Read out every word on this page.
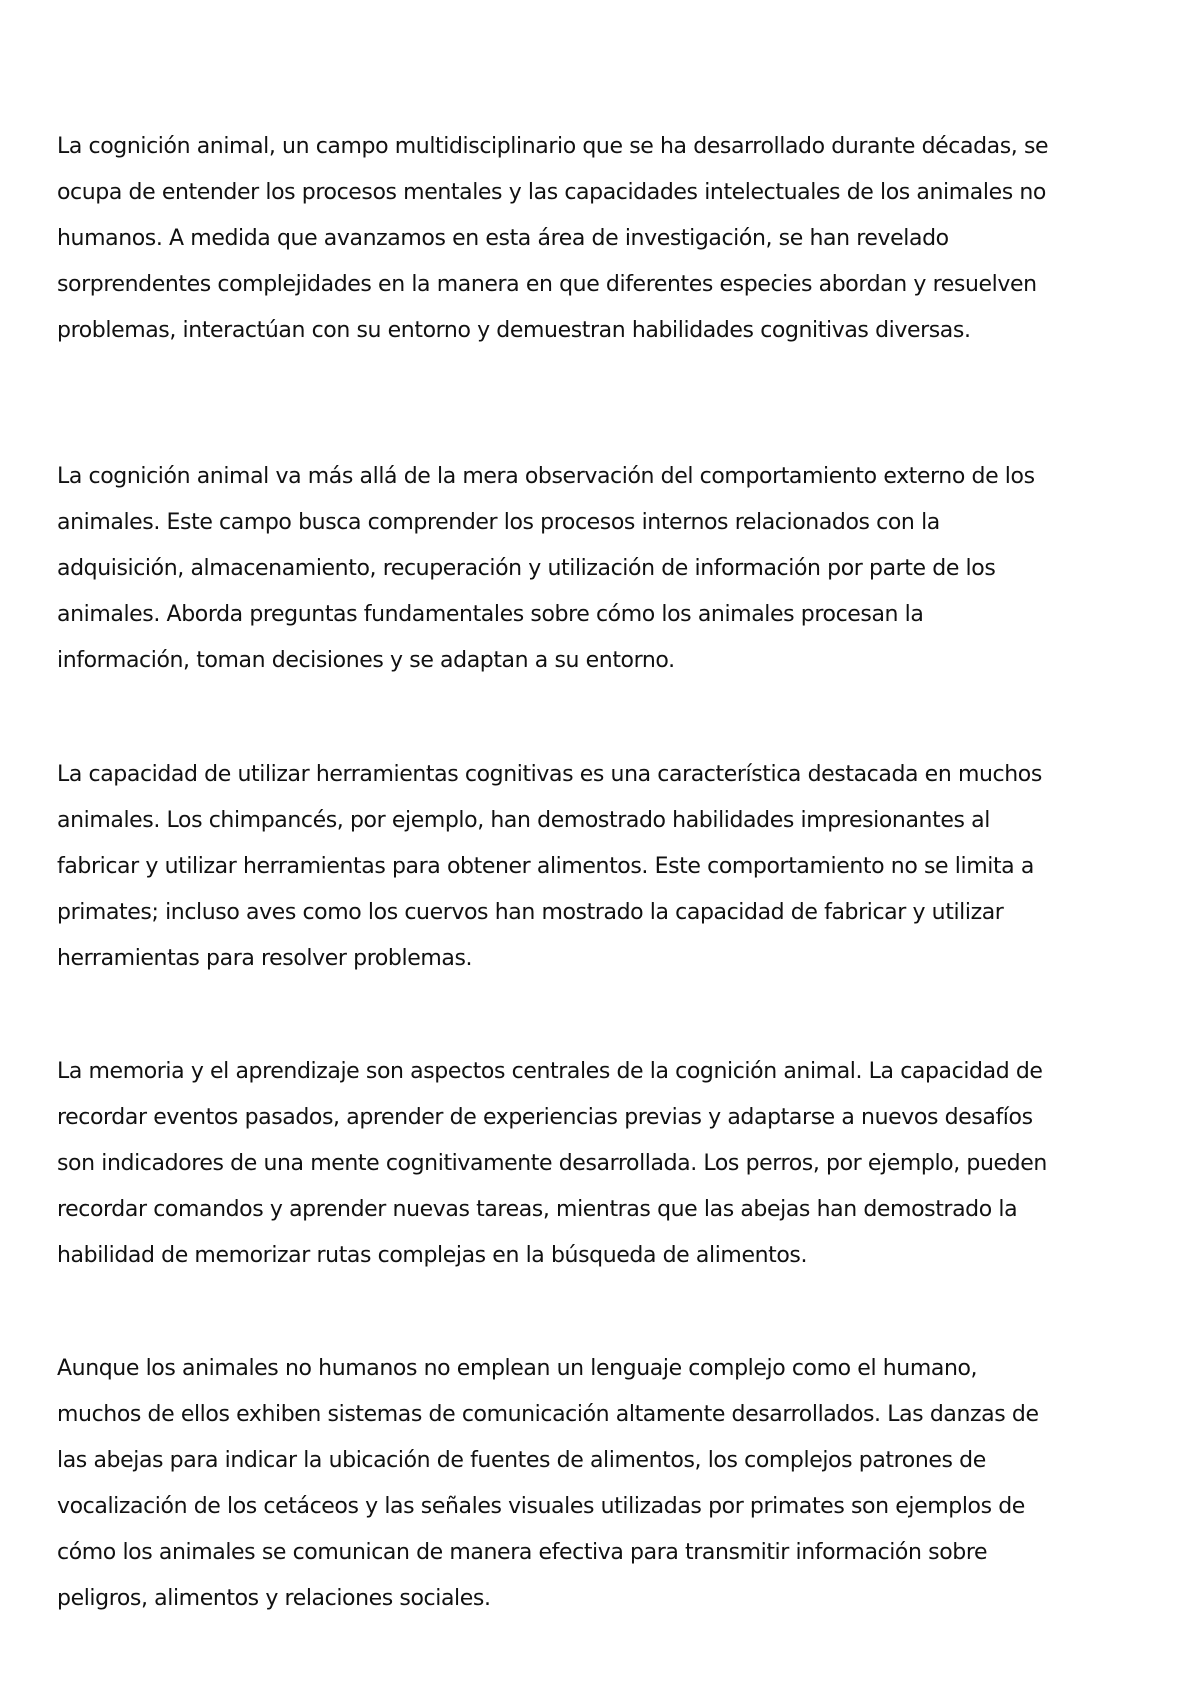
La cognición animal, un campo multidisciplinario que se ha desarrollado durante décadas, se
ocupa de entender los procesos mentales y las capacidades intelectuales de los animales no
humanos. A medida que avanzamos en esta área de investigación, se han revelado
sorprendentes complejidades en la manera en que diferentes especies abordan y resuelven
problemas, interactúan con su entorno y demuestran habilidades cognitivas diversas.

La cognición animal va más allá de la mera observación del comportamiento externo de los
animales. Este campo busca comprender los procesos internos relacionados con la
adquisición, almacenamiento, recuperación y utilización de información por parte de los
animales. Aborda preguntas fundamentales sobre cómo los animales procesan la
información, toman decisiones y se adaptan a su entorno.

La capacidad de utilizar herramientas cognitivas es una característica destacada en muchos
animales. Los chimpancés, por ejemplo, han demostrado habilidades impresionantes al
fabricar y utilizar herramientas para obtener alimentos. Este comportamiento no se limita a
primates; incluso aves como los cuervos han mostrado la capacidad de fabricar y utilizar
herramientas para resolver problemas.

La memoria y el aprendizaje son aspectos centrales de la cognición animal. La capacidad de
recordar eventos pasados, aprender de experiencias previas y adaptarse a nuevos desafíos
son indicadores de una mente cognitivamente desarrollada. Los perros, por ejemplo, pueden
recordar comandos y aprender nuevas tareas, mientras que las abejas han demostrado la
habilidad de memorizar rutas complejas en la búsqueda de alimentos.

Aunque los animales no humanos no emplean un lenguaje complejo como el humano,
muchos de ellos exhiben sistemas de comunicación altamente desarrollados. Las danzas de
las abejas para indicar la ubicación de fuentes de alimentos, los complejos patrones de
vocalización de los cetáceos y las señales visuales utilizadas por primates son ejemplos de
cómo los animales se comunican de manera efectiva para transmitir información sobre
peligros, alimentos y relaciones sociales.
